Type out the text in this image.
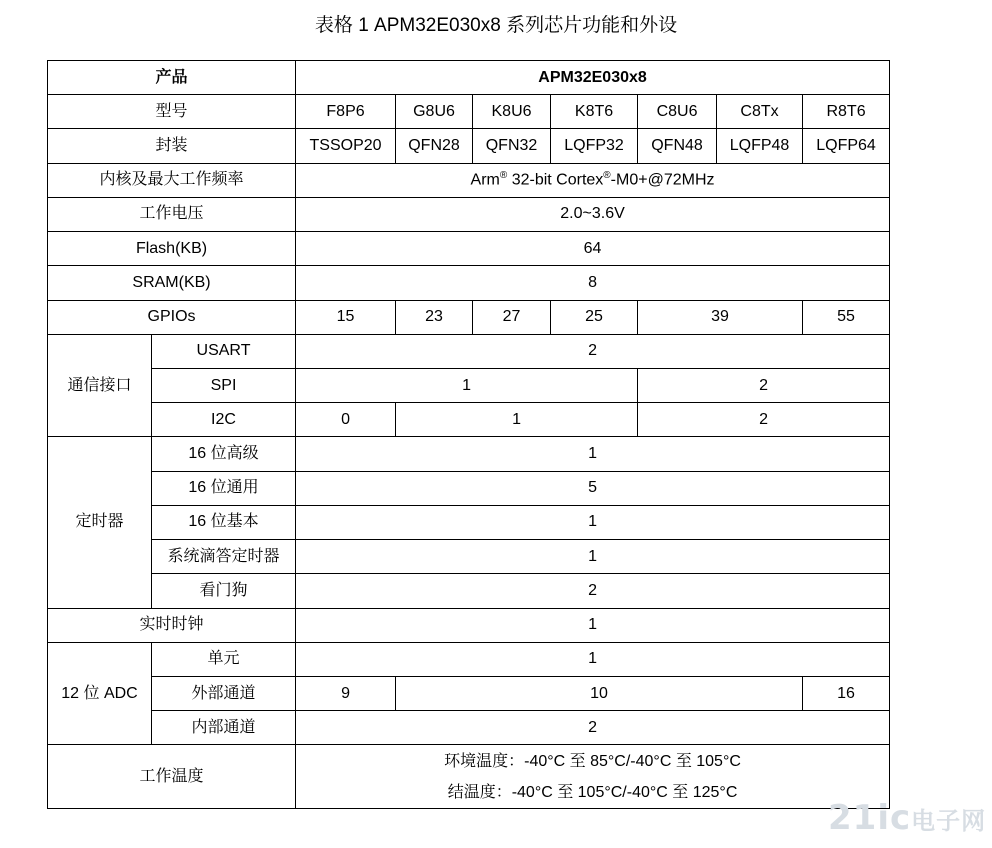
表格 1 APM32E030x8 系列芯片功能和外设
产品		APM32E030x8						
型号		F8P6	G8U6	K8U6	K8T6	C8U6	C8Tx	R8T6
封装		TSSOP20	QFN28	QFN32	LQFP32	QFN48	LQFP48	LQFP64
内核及最大工作频率		Arm® 32-bit Cortex®-M0+@72MHz						
工作电压		2.0~3.6V						
Flash(KB)		64						
SRAM(KB)		8						
GPIOs		15	23	27	25	39		55
通信接口	USART	2						
	SPI	1				2		
	I2C	0	1			2		
定时器	16 位高级	1						
	16 位通用	5						
	16 位基本	1						
	系统滴答定时器	1						
	看门狗	2						
实时时钟		1						
12 位 ADC	单元	1						
	外部通道	9	10					16
	内部通道	2						
工作温度		环境温度：-40°C 至 85°C/-40°C 至 105°C
结温度：-40°C 至 105°C/-40°C 至 125°C						
21ic电子网
